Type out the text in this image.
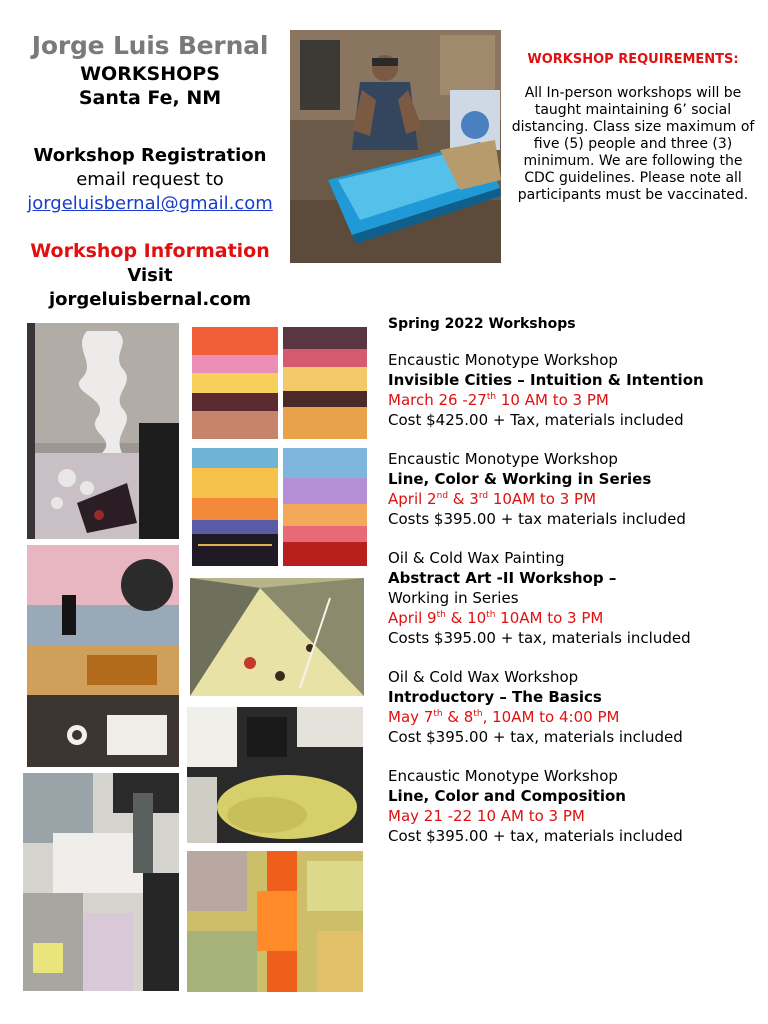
Jorge Luis Bernal
WORKSHOPS
Santa Fe, NM
Workshop Registration
email request to
jorgeluisbernal@gmail.com
Workshop Information
Visit
jorgeluisbernal.com
WORKSHOP REQUIREMENTS:
All In-person workshops will be taught maintaining 6’ social distancing. Class size maximum of five (5) people and three (3) minimum. We are following the CDC guidelines. Please note all participants must be vaccinated.
Spring 2022 Workshops
Encaustic Monotype Workshop
Invisible Cities – Intuition & Intention
March 26 -27th 10 AM to 3 PM
Cost $425.00 + Tax, materials included
Encaustic Monotype Workshop
Line, Color & Working in Series
April 2nd & 3rd 10AM to 3 PM
Costs $395.00 + tax materials included
Oil & Cold Wax Painting
Abstract Art -II Workshop –
Working in Series
April 9th & 10th 10AM to 3 PM
Costs $395.00 + tax, materials included
Oil & Cold Wax Workshop
Introductory – The Basics
May 7th & 8th, 10AM to 4:00 PM
Cost $395.00 + tax, materials included
Encaustic Monotype Workshop
Line, Color and Composition
May 21 -22 10 AM to 3 PM
Cost $395.00 + tax, materials included
